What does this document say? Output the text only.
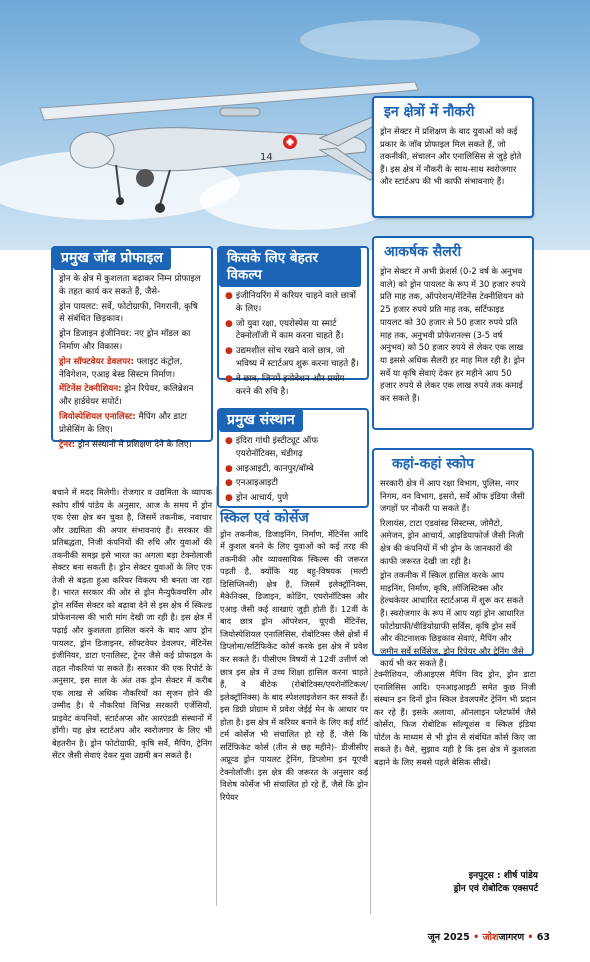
14
इन क्षेत्रों में नौकरी
ड्रोन सेक्टर में प्रशिक्षण के बाद युवाओं को कई प्रकार के जॉब प्रोफाइल मिल सकते हैं, जो तकनीकी, संचालन और एनालिसिस से जुड़े होते हैं। इस क्षेत्र में नौकरी के साथ-साथ स्वरोजगार और स्टार्टअप की भी काफी संभावनाएं हैं।
आकर्षक सैलरी
ड्रोन सेक्टर में अभी फ्रेशर्स (0-2 वर्ष के अनुभव वाले) को ड्रोन पायलट के रूप में 30 हजार रुपये प्रति माह तक, ऑपरेशन/मेंटिनेंस टेक्नीशियन को 25 हजार रुपये प्रति माह तक, सर्टिफाइड पायलट को 30 हजार से 50 हजार रुपये प्रति माह तक, अनुभवी प्रोफेशनल्स (3-5 वर्ष अनुभव) को 50 हजार रुपये से लेकर एक लाख या इससे अधिक सैलरी हर माह मिल रही है। ड्रोन सर्वे या कृषि सेवाएं देकर हर महीने आप 50 हजार रुपये से लेकर एक लाख रुपये तक कमाई कर सकते हैं।
प्रमुख जॉब प्रोफाइल
ड्रोन के क्षेत्र में कुशलता बढ़ाकर निम्न प्रोफाइल के तहत कार्य कर सकते हैं, जैसे-
ड्रोन पायलट: सर्वे, फोटोग्राफी, निगरानी, कृषि से संबंधित छिड़काव।
ड्रोन डिजाइन इंजीनियर: नए ड्रोन मॉडल का निर्माण और विकास।
ड्रोन सॉफ्टवेयर डेवलपर: फ्लाइट कंट्रोल, नेविगेशन, एआइ बेस्ड सिस्टम निर्माण।
मेंटिनेंस टेक्नीशियन: ड्रोन रिपेयर, कलिब्रेशन और हार्डवेयर सपोर्ट।
जियोस्पेशियल एनालिस्ट: मैपिंग और डाटा प्रोसेसिंग के लिए।
ट्रेनर: ड्रोन संस्थानों में प्रशिक्षण देने के लिए।
किसके लिए बेहतर विकल्प
● इंजीनियरिंग में करियर चाहने वाले छात्रों के लिए।
● जो युवा रक्षा, एयरोस्पेस या स्मार्ट टेक्नोलॉजी में काम करना चाहते हैं।
● उद्यमशील सोच रखने वाले छात्र, जो भविष्य में स्टार्टअप शुरू करना चाहते हैं।
● वे छात्र, जिनमें इनोवेशन और प्रयोग करने की रुचि है।
प्रमुख संस्थान
● इंदिरा गांधी इंस्टीट्यूट ऑफ एयरोनॉटिक्स, चंडीगढ़
● आइआइटी, कानपुर/बॉम्बे
● एनआइआइटी
● ड्रोन आचार्य, पुणे
कहां-कहां स्कोप
सरकारी क्षेत्र में आप रक्षा विभाग, पुलिस, नगर निगम, वन विभाग, इसरो, सर्वे ऑफ इंडिया जैसी जगहों पर नौकरी पा सकते हैं।
रिलायंस, टाटा एडवांस्ड सिस्टम्स, जोमैटो, अमेजन, ड्रोन आचार्य, आइडियाफोर्ज जैसी निजी क्षेत्र की कंपनियों में भी ड्रोन के जानकारों की काफी जरूरत देखी जा रही है।
ड्रोन तकनीक में स्किल हासिल करके आप माइनिंग, निर्माण, कृषि, लॉजिस्टिक्स और हेल्थकेयर आधारित स्टार्टअप्स में शुरू कर सकते हैं। स्वरोजगार के रूप में आप यहां ड्रोन आधारित फोटोग्राफी/वीडियोग्राफी सर्विस, कृषि ड्रोन सर्वे और कीटनाशक छिड़काव सेवाएं, मैपिंग और जमीन सर्वे सर्विसेज, ड्रोन रिपेयर और ट्रेनिंग जैसे कार्य भी कर सकते हैं।
बचाने में मदद मिलेगी। रोजगार व उद्यमिता के व्यापक स्कोप शीर्ष पांडेय के अनुसार, आज के समय में ड्रोन एक ऐसा क्षेत्र बन चुका है, जिसमें तकनीक, नवाचार और उद्यमिता की अपार संभावनाएं हैं। सरकार की प्रतिबद्धता, निजी कंपनियों की रुचि और युवाओं की तकनीकी समझ इसे भारत का अगला बड़ा टेक्नोलाजी सेक्टर बना सकती है। ड्रोन सेक्टर युवाओं के लिए एक तेजी से बढ़ता हुआ करियर विकल्प भी बनता जा रहा है। भारत सरकार की ओर से ड्रोन मैन्युफैक्चरिंग और ड्रोन सर्विस सेक्टर को बढ़ावा देने से इस क्षेत्र में स्किल्ड प्रोफेशनल्स की भारी मांग देखी जा रही है। इस क्षेत्र में पढ़ाई और कुशलता हासिल करने के बाद आप ड्रोन पायलट, ड्रोन डिजाइनर, सॉफ्टवेयर डेवलपर, मेंटिनेंस इंजीनियर, डाटा एनालिस्ट, ट्रेनर जैसे कई प्रोफाइल के तहत नौकरियां पा सकते हैं। सरकार की एक रिपोर्ट के अनुसार, इस साल के अंत तक ड्रोन सेक्टर में करीब एक लाख से अधिक नौकरियों का सृजन होने की उम्मीद है। ये नौकरियां विभिन्न सरकारी एजेंसियों, प्राइवेट कंपनियों, स्टार्टअप्स और आरएंडडी संस्थानों में होंगी। यह क्षेत्र स्टार्टअप और स्वरोजगार के लिए भी बेहतरीन है। ड्रोन फोटोग्राफी, कृषि सर्वे, मैपिंग, ट्रेनिंग सेंटर जैसी सेवाएं देकर युवा उद्यमी बन सकते हैं।
स्किल एवं कोर्सेज
ड्रोन तकनीक, डिजाइनिंग, निर्माण, मेंटिनेंस आदि में कुशल बनने के लिए युवाओं को कई तरह की तकनीकी और व्यावसायिक स्किल्स की जरूरत पड़ती है, क्योंकि यह बहु-विषयक (मल्टी डिसिप्लिनरी) क्षेत्र है, जिसमें इलेक्ट्रॉनिक्स, मैकेनिक्स, डिजाइन, कोडिंग, एयरोनॉटिक्स और एआइ जैसी कई शाखाएं जुड़ी होती हैं। 12वीं के बाद छात्र ड्रोन ऑपरेशन, यूएवी मेंटिनेंस, जियोस्पेशियल एनालिसिस, रोबोटिक्स जैसे क्षेत्रों में डिप्लोमा/सर्टिफिकेट कोर्स करके इस क्षेत्र में प्रवेश कर सकते हैं। पीसीएम विषयों से 12वीं उत्तीर्ण जो छात्र इस क्षेत्र में उच्च शिक्षा हासिल करना चाहते हैं, वे बीटेक (रोबोटिक्स/एयरोनॉटिकल/इलेक्ट्रॉनिक्स) के बाद स्पेशलाइजेशन कर सकते हैं। इस डिग्री प्रोग्राम में प्रवेश जेईई मेन के आधार पर होता है। इस क्षेत्र में करियर बनाने के लिए कई शॉर्ट टर्म कोर्सेज भी संचालित हो रहे हैं, जैसे कि सर्टिफिकेट कोर्स (तीन से छह महीने)- डीजीसीए अप्रूव्ड ड्रोन पायलट ट्रेनिंग, डिप्लोमा इन यूएवी टेक्नोलॉजी। इस क्षेत्र की जरूरत के अनुसार कई विशेष कोर्सेज भी संचालित हो रहे हैं, जैसे कि ड्रोन रिपेयर
टेक्नीशियन, जीआइएस मैपिंग विद ड्रोन, ड्रोन डाटा एनालिसिस आदि। एनआइआइटी समेत कुछ निजी संस्थान इन दिनों ड्रोन स्किल डेवलपमेंट ट्रेनिंग भी प्रदान कर रहे हैं। इसके अलावा, ऑनलाइन प्लेटफॉर्म जैसे कोर्सेरा, फिज रोबोटिक सॉल्यूशंस व स्किल इंडिया पोर्टल के माध्यम से भी ड्रोन से संबंधित कोर्स किए जा सकते हैं। वैसे, सुझाव यही है कि इस क्षेत्र में कुशलता बढ़ाने के लिए सबसे पहले बेसिक सीखें।
इनपुट्स : शीर्ष पांडेय
ड्रोन एवं रोबोटिक एक्सपर्ट
जून 2025 • जोशजागरण • 63
